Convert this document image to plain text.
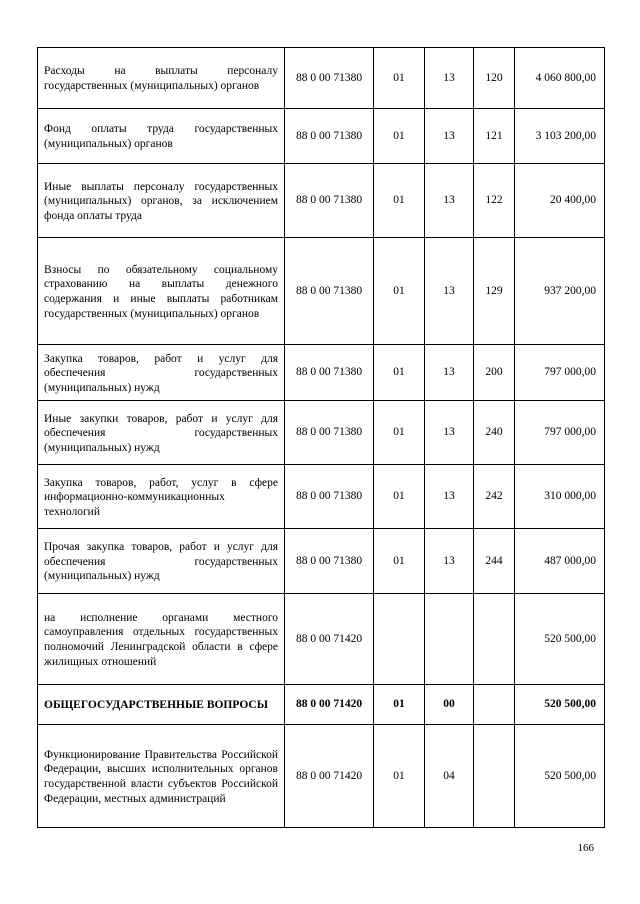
Расходы на выплаты персоналу государственных (муниципальных) органов	88 0 00 71380	01	13	120	4 060 800,00

Фонд оплаты труда государственных (муниципальных) органов	88 0 00 71380	01	13	121	3 103 200,00

Иные выплаты персоналу государственных (муниципальных) органов, за исключением фонда оплаты труда	88 0 00 71380	01	13	122	20 400,00

Взносы по обязательному социальному страхованию на выплаты денежного содержания и иные выплаты работникам государственных (муниципальных) органов	88 0 00 71380	01	13	129	937 200,00

Закупка товаров, работ и услуг для обеспечения государственных (муниципальных) нужд	88 0 00 71380	01	13	200	797 000,00

Иные закупки товаров, работ и услуг для обеспечения государственных (муниципальных) нужд	88 0 00 71380	01	13	240	797 000,00

Закупка товаров, работ, услуг в сфере информационно-коммуникационных технологий	88 0 00 71380	01	13	242	310 000,00

Прочая закупка товаров, работ и услуг для обеспечения государственных (муниципальных) нужд	88 0 00 71380	01	13	244	487 000,00

на исполнение органами местного самоуправления отдельных государственных полномочий Ленинградской области в сфере жилищных отношений	88 0 00 71420				520 500,00

ОБЩЕГОСУДАРСТВЕННЫЕ ВОПРОСЫ	88 0 00 71420	01	00		520 500,00

Функционирование Правительства Российской Федерации, высших исполнительных органов государственной власти субъектов Российской Федерации, местных администраций	88 0 00 71420	01	04		520 500,00
166
